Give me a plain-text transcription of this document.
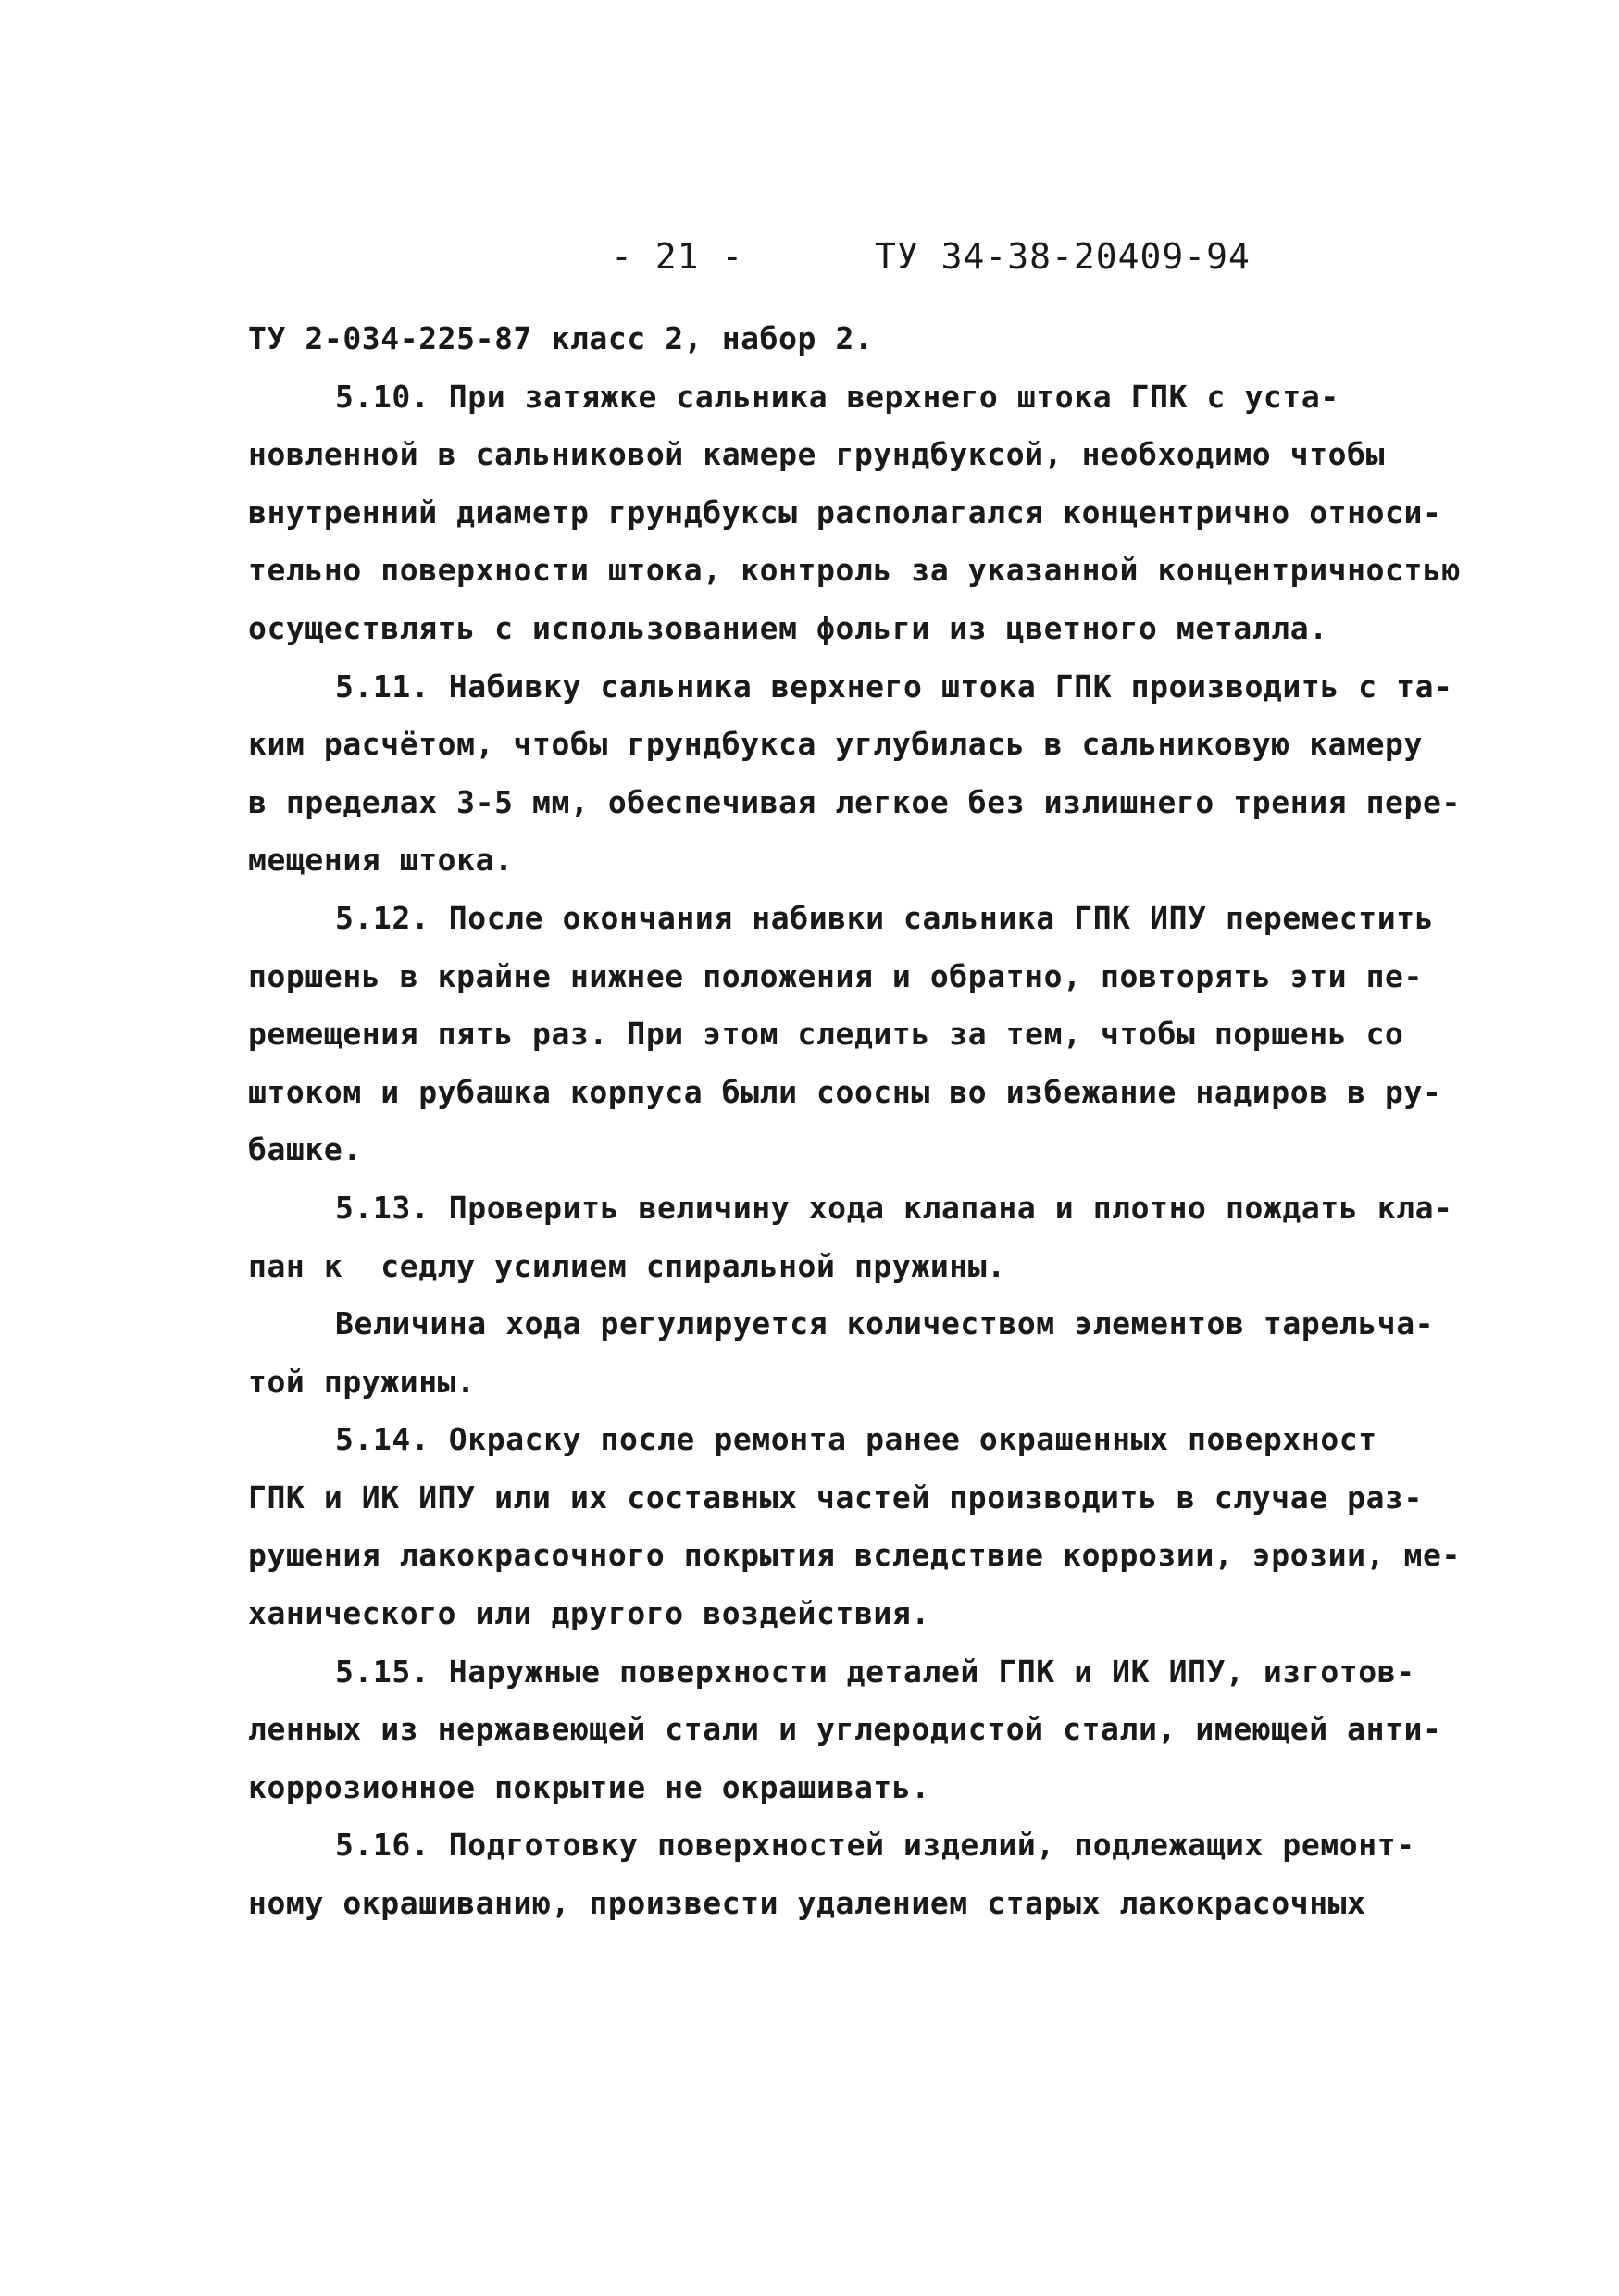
- 21 -	ТУ 34-38-20409-94
ТУ 2-034-225-87 класс 2, набор 2.
5.10. При затяжке сальника верхнего штока ГПК с уста-
новленной в сальниковой камере грундбуксой, необходимо чтобы
внутренний диаметр грундбуксы располагался концентрично относи-
тельно поверхности штока, контроль за указанной концентричностью
осуществлять с использованием фольги из цветного металла.
5.11. Набивку сальника верхнего штока ГПК производить с та-
ким расчётом, чтобы грундбукса углубилась в сальниковую камеру
в пределах 3-5 мм, обеспечивая легкое без излишнего трения пере-
мещения штока.
5.12. После окончания набивки сальника ГПК ИПУ переместить
поршень в крайне нижнее положения и обратно, повторять эти пе-
ремещения пять раз. При этом следить за тем, чтобы поршень со
штоком и рубашка корпуса были соосны во избежание надиров в ру-
башке.
5.13. Проверить величину хода клапана и плотно пождать кла-
пан к  седлу усилием спиральной пружины.
Величина хода регулируется количеством элементов тарельча-
той пружины.
5.14. Окраску после ремонта ранее окрашенных поверхност
ГПК и ИК ИПУ или их составных частей производить в случае раз-
рушения лакокрасочного покрытия вследствие коррозии, эрозии, ме-
ханического или другого воздействия.
5.15. Наружные поверхности деталей ГПК и ИК ИПУ, изготов-
ленных из нержавеющей стали и углеродистой стали, имеющей анти-
коррозионное покрытие не окрашивать.
5.16. Подготовку поверхностей изделий, подлежащих ремонт-
ному окрашиванию, произвести удалением старых лакокрасочных
